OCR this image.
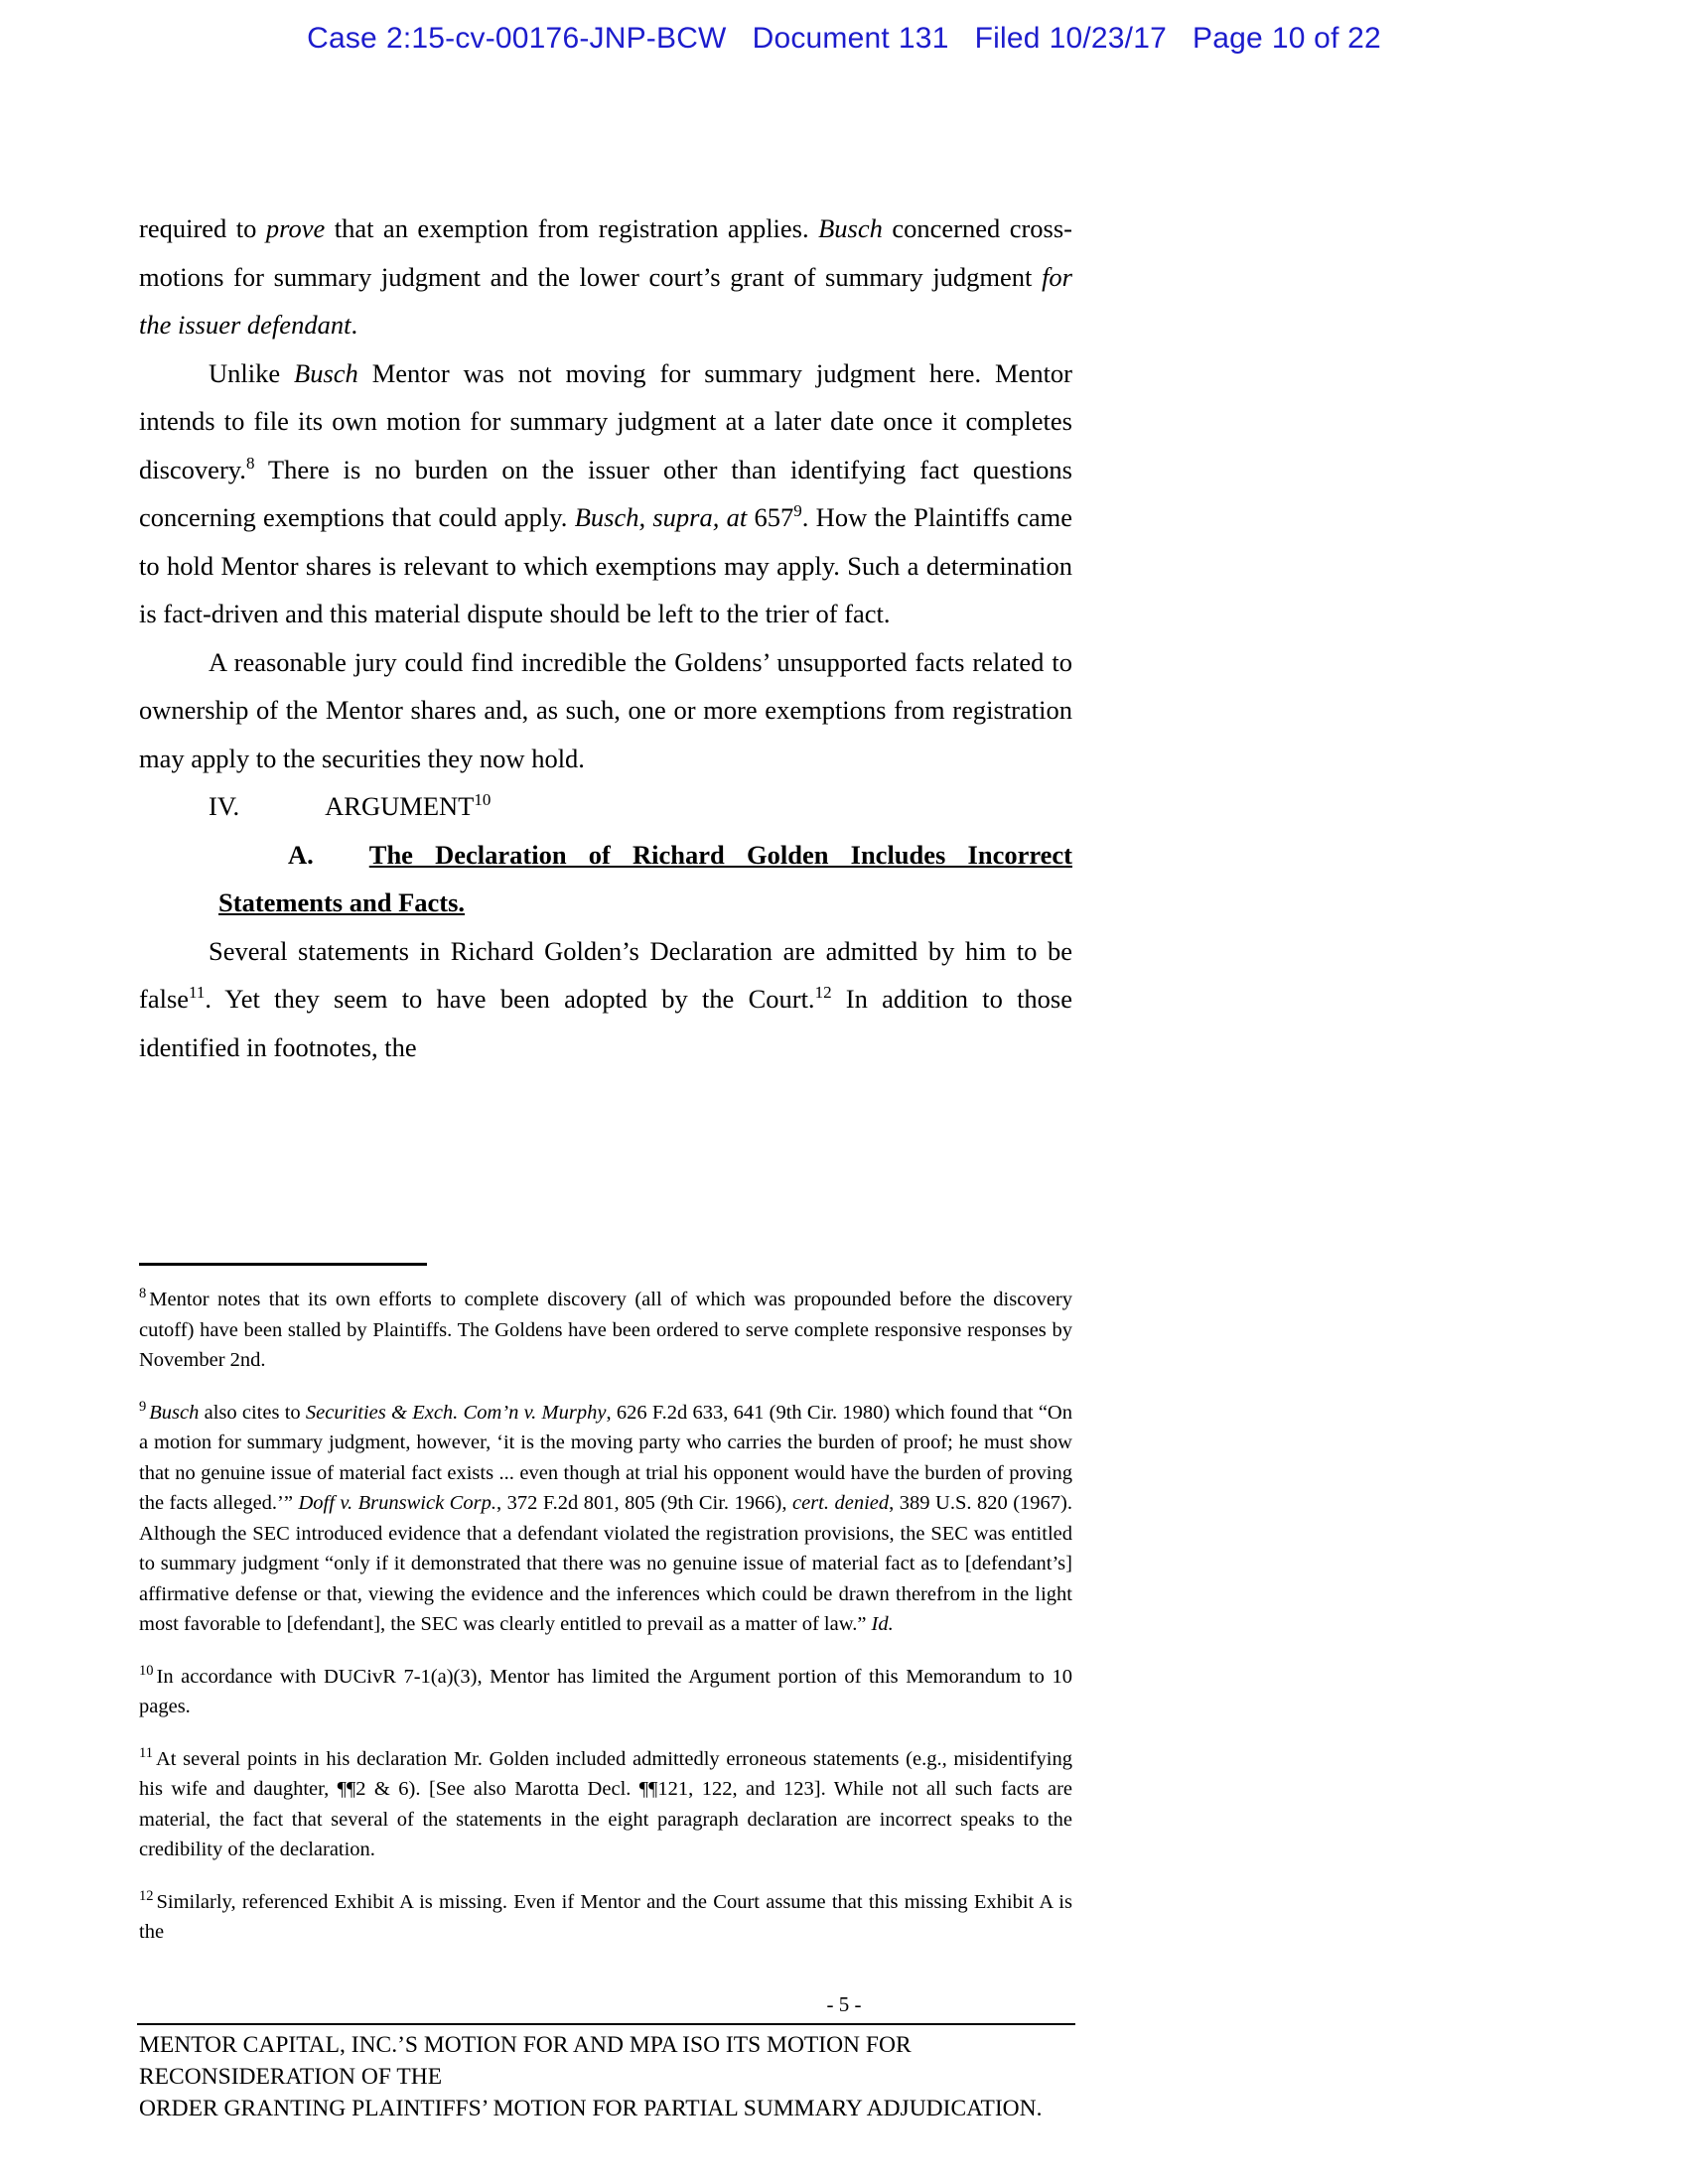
Case 2:15-cv-00176-JNP-BCW Document 131 Filed 10/23/17 Page 10 of 22

required to prove that an exemption from registration applies. Busch concerned cross-motions for summary judgment and the lower court’s grant of summary judgment for the issuer defendant.

Unlike Busch Mentor was not moving for summary judgment here. Mentor intends to file its own motion for summary judgment at a later date once it completes discovery.$^8$ There is no burden on the issuer other than identifying fact questions concerning exemptions that could apply. Busch, supra, at 657$^9$. How the Plaintiffs came to hold Mentor shares is relevant to which exemptions may apply. Such a determination is fact-driven and this material dispute should be left to the trier of fact.

A reasonable jury could find incredible the Goldens’ unsupported facts related to ownership of the Mentor shares and, as such, one or more exemptions from registration may apply to the securities they now hold.

IV.	ARGUMENT$^{10}$

A. The Declaration of Richard Golden Includes Incorrect Statements and Facts.

Several statements in Richard Golden’s Declaration are admitted by him to be false$^{11}$. Yet they seem to have been adopted by the Court.$^{12}$ In addition to those identified in footnotes, the

$^8$ Mentor notes that its own efforts to complete discovery (all of which was propounded before the discovery cutoff) have been stalled by Plaintiffs. The Goldens have been ordered to serve complete responsive responses by November 2nd.

$^9$ Busch also cites to Securities & Exch. Com’n v. Murphy, 626 F.2d 633, 641 (9th Cir. 1980) which found that “On a motion for summary judgment, however, ‘it is the moving party who carries the burden of proof; he must show that no genuine issue of material fact exists ... even though at trial his opponent would have the burden of proving the facts alleged.’” Doff v. Brunswick Corp., 372 F.2d 801, 805 (9th Cir. 1966), cert. denied, 389 U.S. 820 (1967). Although the SEC introduced evidence that a defendant violated the registration provisions, the SEC was entitled to summary judgment “only if it demonstrated that there was no genuine issue of material fact as to [defendant’s] affirmative defense or that, viewing the evidence and the inferences which could be drawn therefrom in the light most favorable to [defendant], the SEC was clearly entitled to prevail as a matter of law.” Id.

$^{10}$ In accordance with DUCivR 7-1(a)(3), Mentor has limited the Argument portion of this Memorandum to 10 pages.

$^{11}$ At several points in his declaration Mr. Golden included admittedly erroneous statements (e.g., misidentifying his wife and daughter, ¶¶2 & 6). [See also Marotta Decl. ¶¶121, 122, and 123]. While not all such facts are material, the fact that several of the statements in the eight paragraph declaration are incorrect speaks to the credibility of the declaration.

$^{12}$ Similarly, referenced Exhibit A is missing. Even if Mentor and the Court assume that this missing Exhibit A is the

- 5 -
MENTOR CAPITAL, INC.’S MOTION FOR AND MPA ISO ITS MOTION FOR RECONSIDERATION OF THE
ORDER GRANTING PLAINTIFFS’ MOTION FOR PARTIAL SUMMARY ADJUDICATION.
